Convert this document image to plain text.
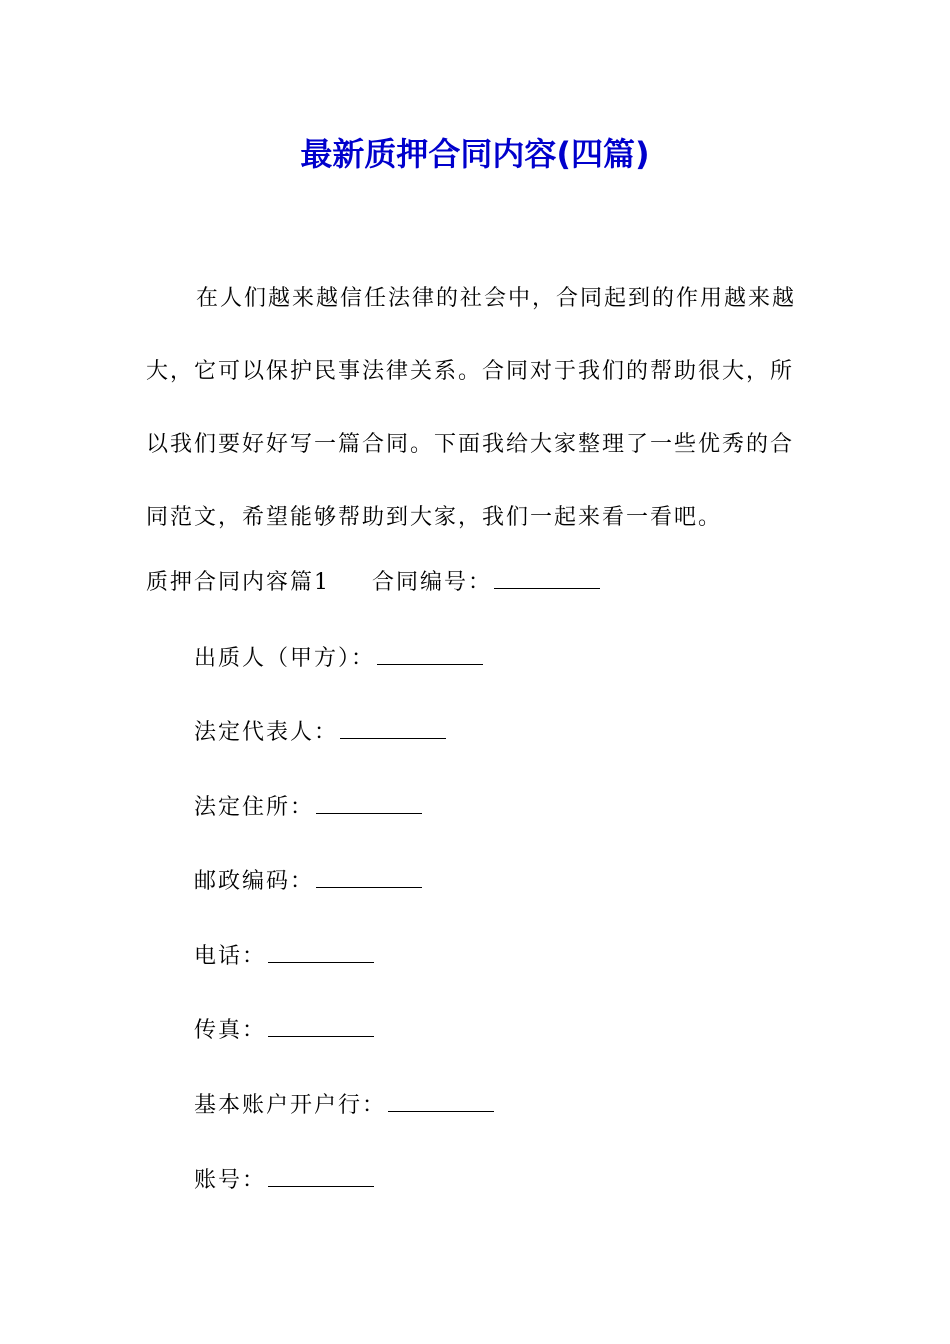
最新质押合同内容(四篇)
在人们越来越信任法律的社会中，合同起到的作用越来越
大，它可以保护民事法律关系。合同对于我们的帮助很大，所
以我们要好好写一篇合同。下面我给大家整理了一些优秀的合
同范文，希望能够帮助到大家，我们一起来看一看吧。
质押合同内容篇1 合同编号：
出质人（甲方）：
法定代表人：
法定住所：
邮政编码：
电话：
传真：
基本账户开户行：
账号：
